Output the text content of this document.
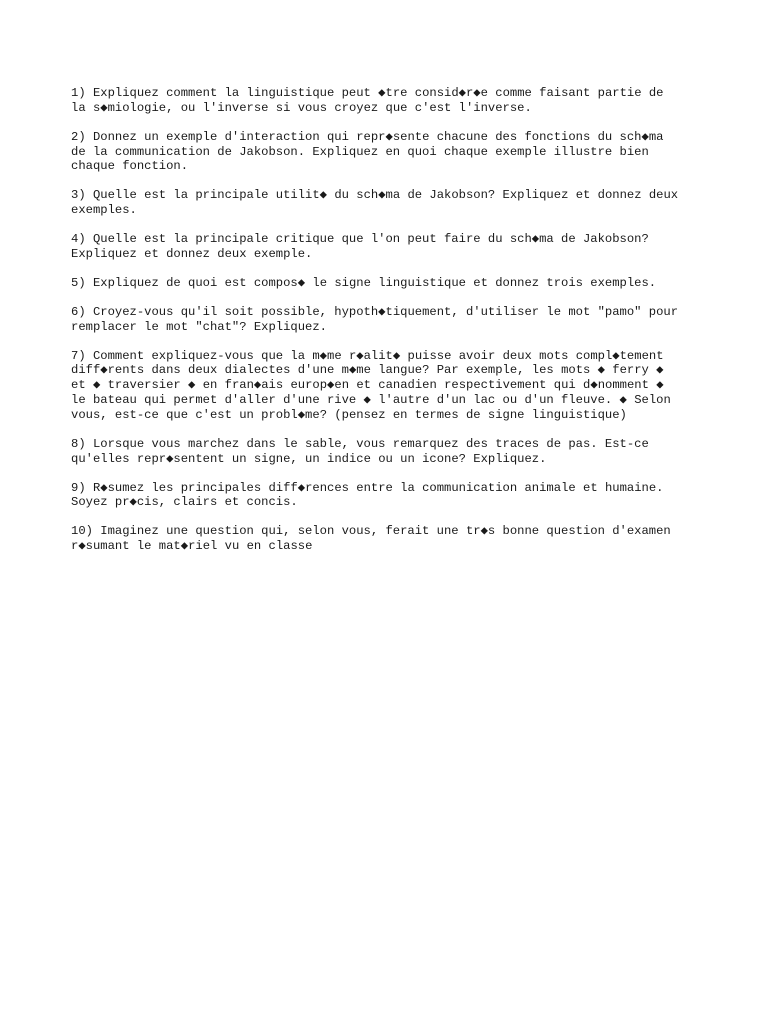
1) Expliquez comment la linguistique peut ◆tre consid◆r◆e comme faisant partie de
la s◆miologie, ou l'inverse si vous croyez que c'est l'inverse.

2) Donnez un exemple d'interaction qui repr◆sente chacune des fonctions du sch◆ma
de la communication de Jakobson. Expliquez en quoi chaque exemple illustre bien
chaque fonction.

3) Quelle est la principale utilit◆ du sch◆ma de Jakobson? Expliquez et donnez deux
exemples.

4) Quelle est la principale critique que l'on peut faire du sch◆ma de Jakobson?
Expliquez et donnez deux exemple.

5) Expliquez de quoi est compos◆ le signe linguistique et donnez trois exemples.

6) Croyez-vous qu'il soit possible, hypoth◆tiquement, d'utiliser le mot "pamo" pour
remplacer le mot "chat"? Expliquez.

7) Comment expliquez-vous que la m◆me r◆alit◆ puisse avoir deux mots compl◆tement
diff◆rents dans deux dialectes d'une m◆me langue? Par exemple, les mots ◆ ferry ◆
et ◆ traversier ◆ en fran◆ais europ◆en et canadien respectivement qui d◆nomment ◆
le bateau qui permet d'aller d'une rive ◆ l'autre d'un lac ou d'un fleuve. ◆ Selon
vous, est-ce que c'est un probl◆me? (pensez en termes de signe linguistique)

8) Lorsque vous marchez dans le sable, vous remarquez des traces de pas. Est-ce
qu'elles repr◆sentent un signe, un indice ou un icone? Expliquez.

9) R◆sumez les principales diff◆rences entre la communication animale et humaine.
Soyez pr◆cis, clairs et concis.

10) Imaginez une question qui, selon vous, ferait une tr◆s bonne question d'examen
r◆sumant le mat◆riel vu en classe
